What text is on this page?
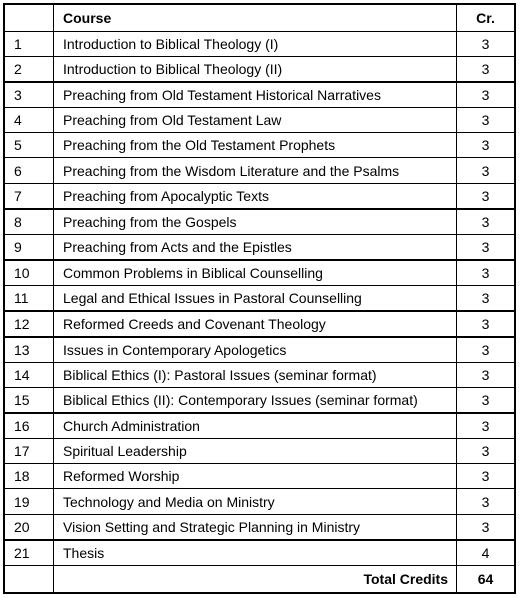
	Course	Cr.
1	Introduction to Biblical Theology (I)	3
2	Introduction to Biblical Theology (II)	3
3	Preaching from Old Testament Historical Narratives	3
4	Preaching from Old Testament Law	3
5	Preaching from the Old Testament Prophets	3
6	Preaching from the Wisdom Literature and the Psalms	3
7	Preaching from Apocalyptic Texts	3
8	Preaching from the Gospels	3
9	Preaching from Acts and the Epistles	3
10	Common Problems in Biblical Counselling	3
11	Legal and Ethical Issues in Pastoral Counselling	3
12	Reformed Creeds and Covenant Theology	3
13	Issues in Contemporary Apologetics	3
14	Biblical Ethics (I): Pastoral Issues (seminar format)	3
15	Biblical Ethics (II): Contemporary Issues (seminar format)	3
16	Church Administration	3
17	Spiritual Leadership	3
18	Reformed Worship	3
19	Technology and Media on Ministry	3
20	Vision Setting and Strategic Planning in Ministry	3
21	Thesis	4
	Total Credits	64
